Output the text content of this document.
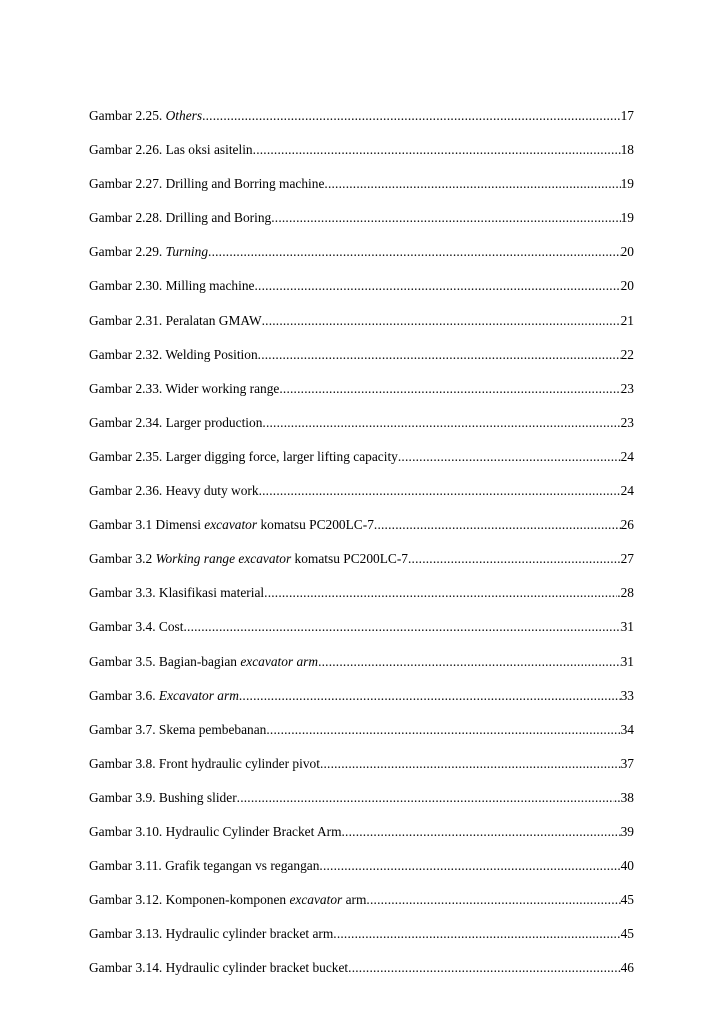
Gambar 2.25. Others .....	17
Gambar 2.26. Las oksi asitelin .....	18
Gambar 2.27. Drilling and Borring machine .....	19
Gambar 2.28. Drilling and Boring .....	19
Gambar 2.29. Turning .....	20
Gambar 2.30. Milling machine .....	20
Gambar 2.31. Peralatan GMAW .....	21
Gambar 2.32. Welding Position .....	22
Gambar 2.33. Wider working range .....	23
Gambar 2.34. Larger production .....	23
Gambar 2.35. Larger digging force, larger lifting capacity .....	24
Gambar 2.36. Heavy duty work .....	24
Gambar 3.1 Dimensi excavator komatsu PC200LC-7 .....	26
Gambar 3.2 Working range excavator komatsu PC200LC-7 .....	27
Gambar 3.3. Klasifikasi material .....	.28
Gambar 3.4. Cost .....	31
Gambar 3.5. Bagian-bagian excavator arm .....	31
Gambar 3.6. Excavator arm .....	33
Gambar 3.7. Skema pembebanan .....	34
Gambar 3.8. Front hydraulic cylinder pivot .....	37
Gambar 3.9. Bushing slider .....	..38
Gambar 3.10. Hydraulic Cylinder Bracket Arm .....	39
Gambar 3.11. Grafik tegangan vs regangan .....	40
Gambar 3.12. Komponen-komponen excavator arm .....	45
Gambar 3.13. Hydraulic cylinder bracket arm .....	45
Gambar 3.14. Hydraulic cylinder bracket bucket .....	46
